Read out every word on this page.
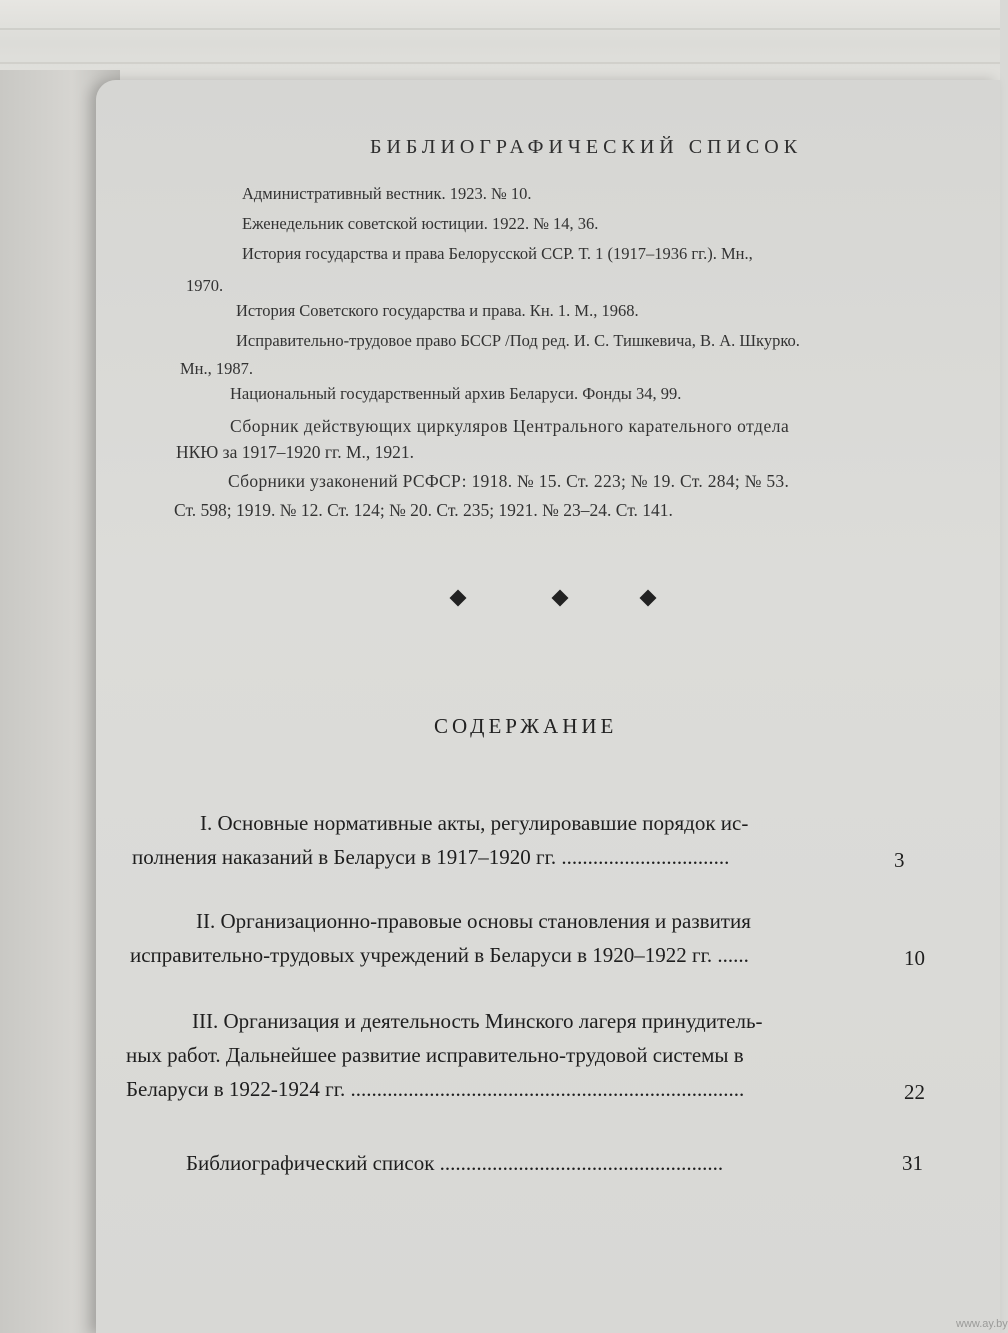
БИБЛИОГРАФИЧЕСКИЙ СПИСОК
Административный вестник. 1923. № 10.
Еженедельник советской юстиции. 1922. № 14, 36.
История государства и права Белорусской ССР. Т. 1 (1917–1936 гг.). Мн.,
1970.
История Советского государства и права. Кн. 1. М., 1968.
Исправительно-трудовое право БССР /Под ред. И. С. Тишкевича, В. А. Шкурко.
Мн., 1987.
Национальный государственный архив Беларуси. Фонды 34, 99.
Сборник действующих циркуляров Центрального карательного отдела
НКЮ за 1917–1920 гг. М., 1921.
Сборники узаконений РСФСР: 1918. № 15. Ст. 223; № 19. Ст. 284; № 53.
Ст. 598; 1919. № 12. Ст. 124; № 20. Ст. 235; 1921. № 23–24. Ст. 141.
СОДЕРЖАНИЕ
I. Основные нормативные акты, регулировавшие порядок ис-
полнения наказаний в Беларуси в 1917–1920 гг. ................................	3
II. Организационно-правовые основы становления и развития
исправительно-трудовых учреждений в Беларуси в 1920–1922 гг. ......	10
III. Организация и деятельность Минского лагеря принудитель-
ных работ. Дальнейшее развитие исправительно-трудовой системы в
Беларуси в 1922-1924 гг. ...........................................................................	22
Библиографический список ......................................................	31
www.ay.by
